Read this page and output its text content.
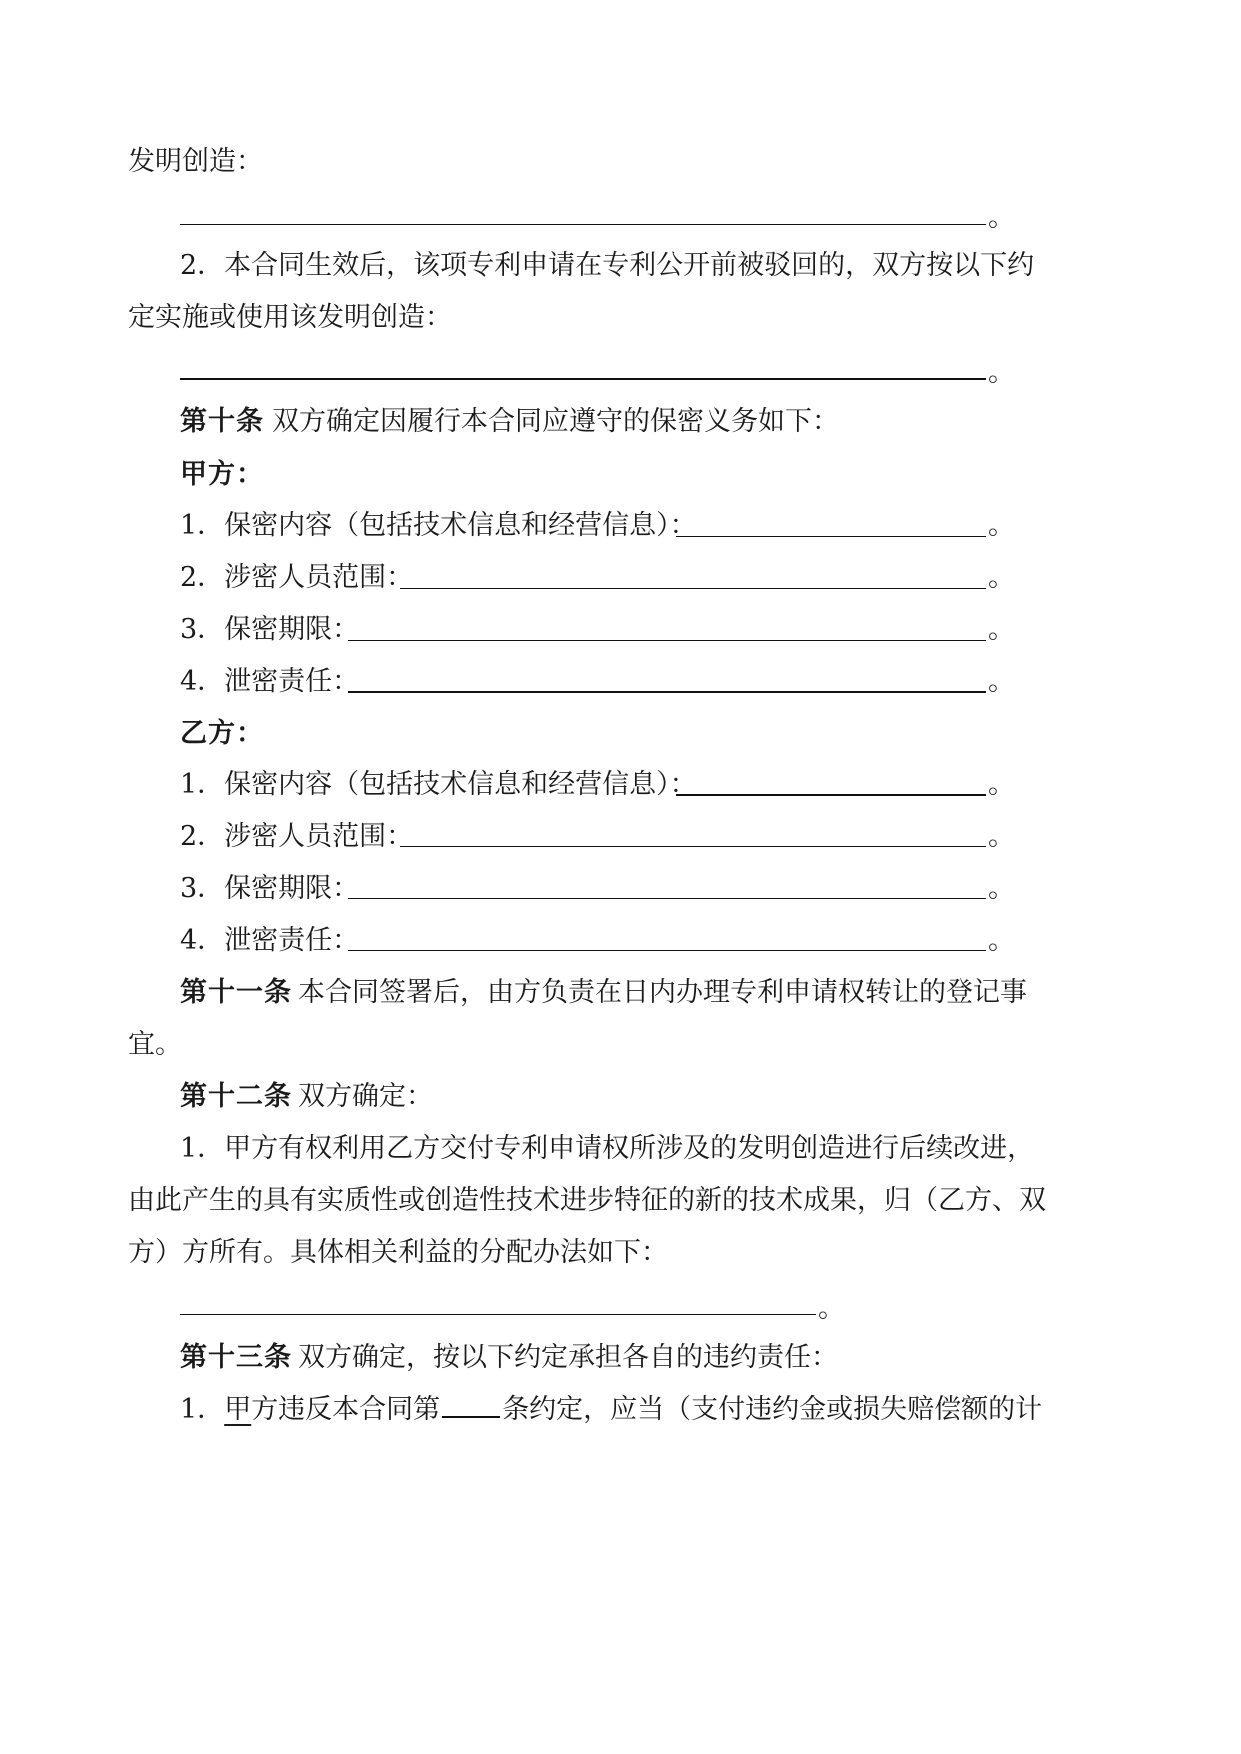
发明创造：
。
2．本合同生效后，该项专利申请在专利公开前被驳回的，双方按以下约
定实施或使用该发明创造：
。
第十条 双方确定因履行本合同应遵守的保密义务如下：
甲方：
1．保密内容（包括技术信息和经营信息）：	。
2．涉密人员范围：	。
3．保密期限：	。
4．泄密责任：	。
乙方：
1．保密内容（包括技术信息和经营信息）：	。
2．涉密人员范围：	。
3．保密期限：	。
4．泄密责任：	。
第十一条 本合同签署后，由方负责在日内办理专利申请权转让的登记事
宜。
第十二条 双方确定：
1．甲方有权利用乙方交付专利申请权所涉及的发明创造进行后续改进，
由此产生的具有实质性或创造性技术进步特征的新的技术成果，归（乙方、双
方）方所有。具体相关利益的分配办法如下：
。
第十三条 双方确定，按以下约定承担各自的违约责任：
1．甲方违反本合同第 条约定，应当（支付违约金或损失赔偿额的计
